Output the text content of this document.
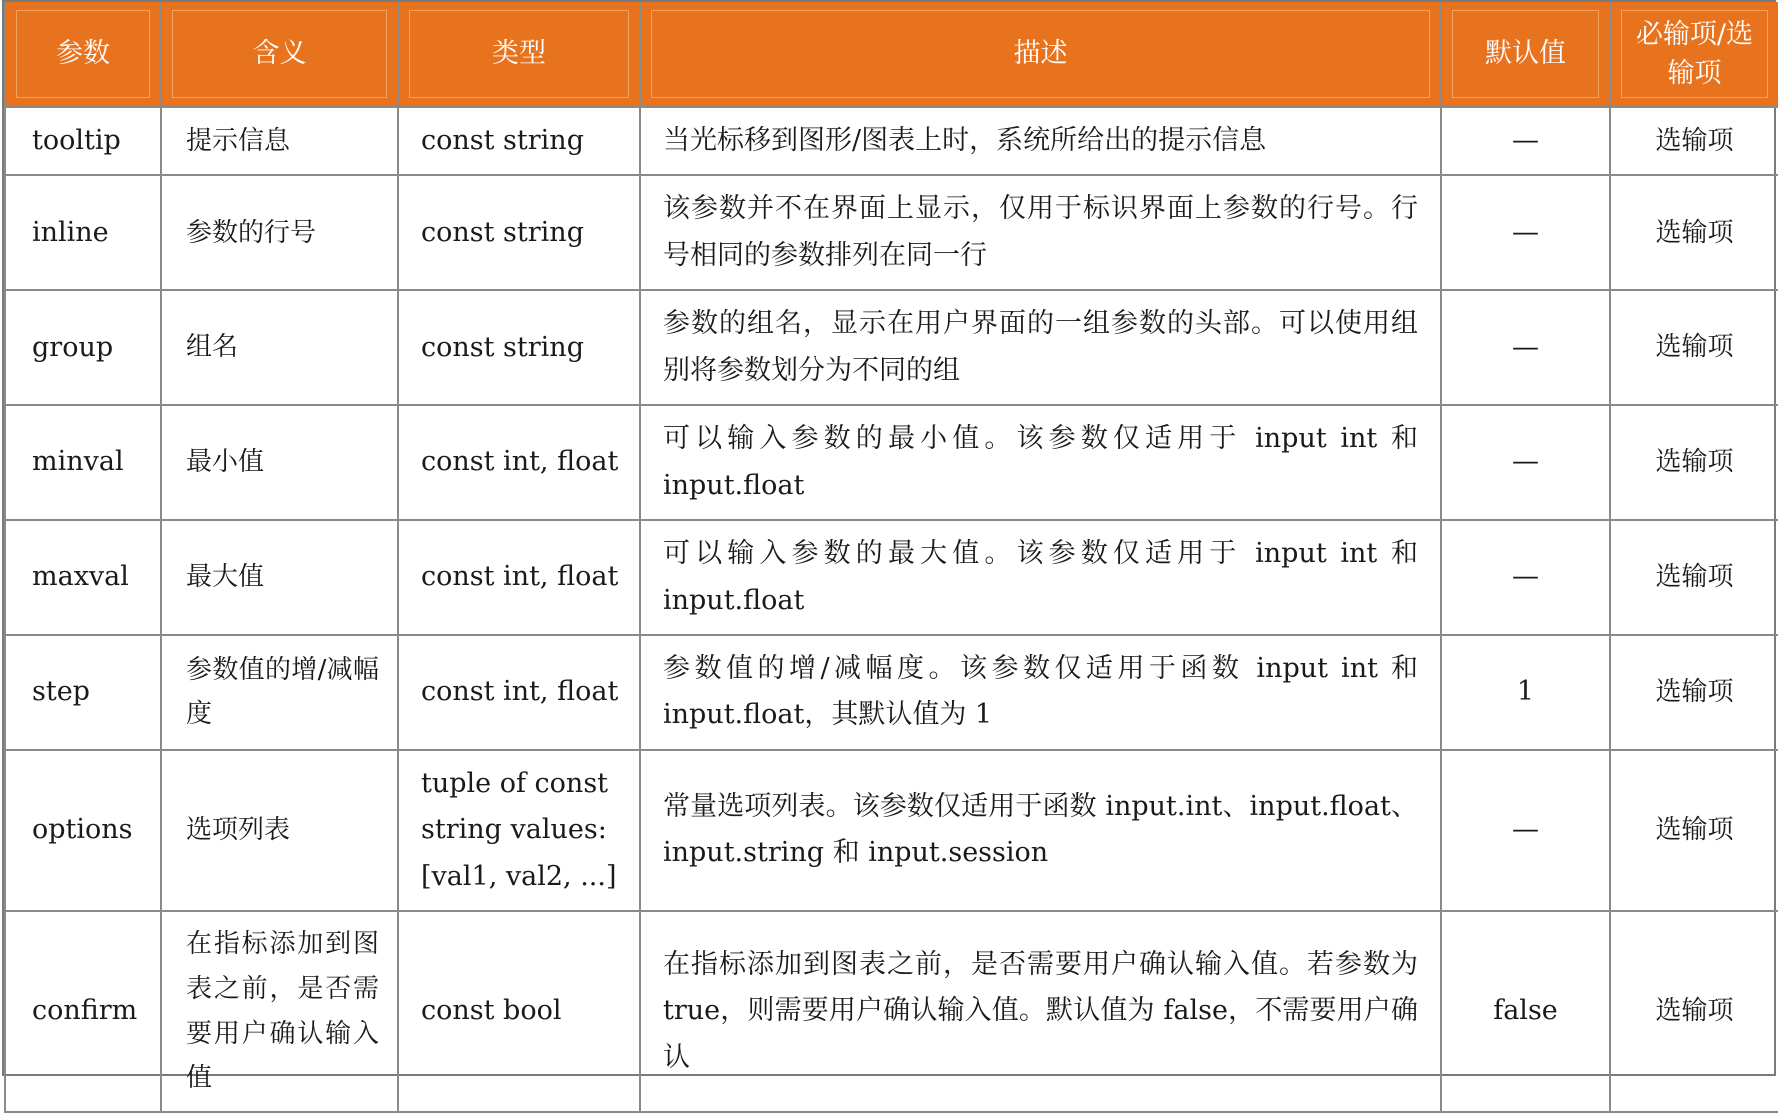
参数	含义	类型	描述	默认值	必输项/选输项

tooltip	提示信息	const string	当光标移到图形/图表上时，系统所给出的提示信息	—	选输项
inline	参数的行号	const string	该参数并不在界面上显示，仅用于标识界面上参数的行号。行号相同的参数排列在同一行	—	选输项
group	组名	const string	参数的组名，显示在用户界面的一组参数的头部。可以使用组别将参数划分为不同的组	—	选输项
minval	最小值	const int, float	可以输入参数的最小值。该参数仅适用于 input int 和 input.float	—	选输项
maxval	最大值	const int, float	可以输入参数的最大值。该参数仅适用于 input int 和 input.float	—	选输项
step	参数值的增/减幅度	const int, float	参数值的增/减幅度。该参数仅适用于函数 input int 和 input.float，其默认值为 1	1	选输项
options	选项列表	tuple of const string values: [val1, val2, ...]	常量选项列表。该参数仅适用于函数 input.int、input.float、input.string 和 input.session	—	选输项
confirm	在指标添加到图表之前，是否需要用户确认输入值	const bool	在指标添加到图表之前，是否需要用户确认输入值。若参数为 true，则需要用户确认输入值。默认值为 false，不需要用户确认	false	选输项
